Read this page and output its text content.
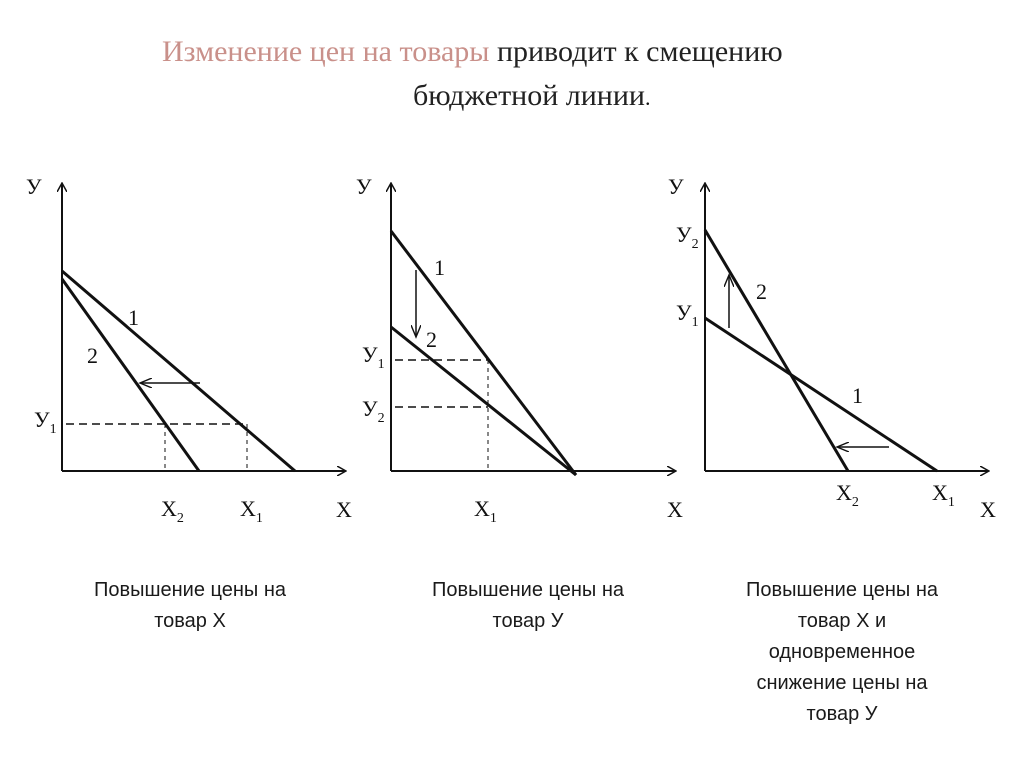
Изменение цен на товары приводит к смещению
бюджетной линии.
У
Х
1
2
У1
Х2	Х1
У
Х
1
2
У1
У2
Х1
У
Х
1
2
У2
У1
Х2	Х1
Повышение цены на
товар Х
Повышение цены на
товар У
Повышение цены на
товар Х и
одновременное
снижение цены на
товар У
